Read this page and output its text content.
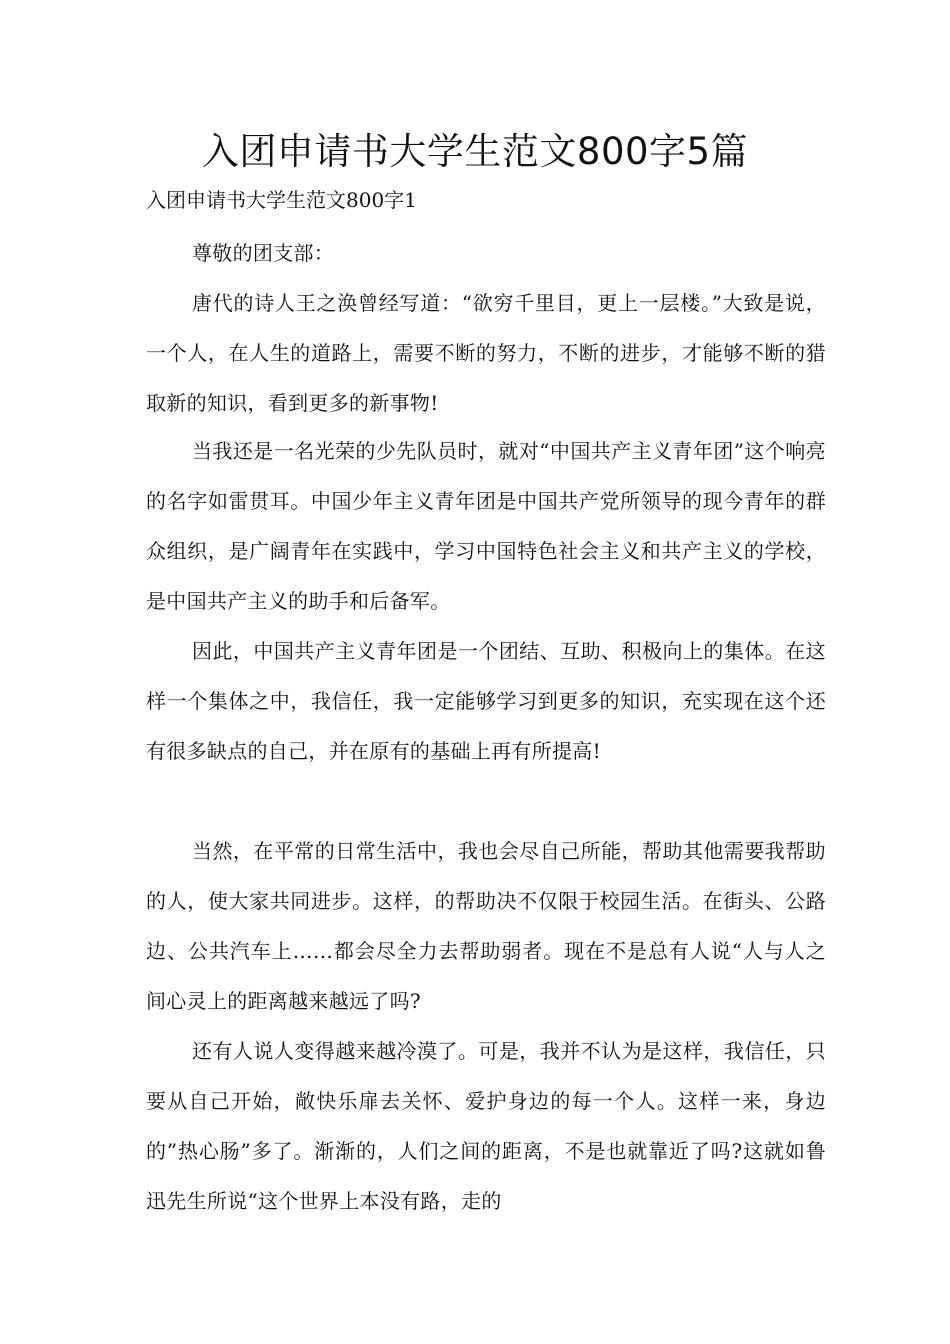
入团申请书大学生范文800字5篇
入团申请书大学生范文800字1

尊敬的团支部：

唐代的诗人王之涣曾经写道：“欲穷千里目，更上一层楼。”大致是说，一个人，在人生的道路上，需要不断的努力，不断的进步，才能够不断的猎取新的知识，看到更多的新事物!

当我还是一名光荣的少先队员时，就对“中国共产主义青年团”这个响亮的名字如雷贯耳。中国少年主义青年团是中国共产党所领导的现今青年的群众组织，是广阔青年在实践中，学习中国特色社会主义和共产主义的学校，是中国共产主义的助手和后备军。

因此，中国共产主义青年团是一个团结、互助、积极向上的集体。在这样一个集体之中，我信任，我一定能够学习到更多的知识，充实现在这个还有很多缺点的自己，并在原有的基础上再有所提高!

当然，在平常的日常生活中，我也会尽自己所能，帮助其他需要我帮助的人，使大家共同进步。这样，的帮助决不仅限于校园生活。在街头、公路边、公共汽车上……都会尽全力去帮助弱者。现在不是总有人说“人与人之间心灵上的距离越来越远了吗?

还有人说人变得越来越冷漠了。可是，我并不认为是这样，我信任，只要从自己开始，敞快乐扉去关怀、爱护身边的每一个人。这样一来，身边的”热心肠”多了。渐渐的，人们之间的距离，不是也就靠近了吗?这就如鲁迅先生所说“这个世界上本没有路，走的
